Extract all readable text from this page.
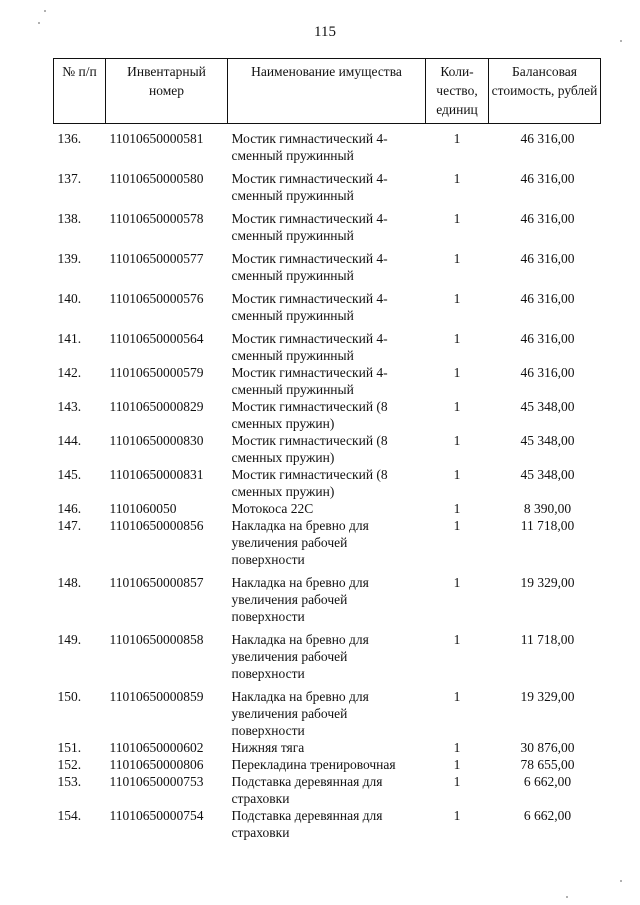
115
№ п/п	Инвентарный номер	Наименование имущества	Коли-чество, единиц	Балансовая стоимость, рублей
136.	11010650000581	Мостик гимнастический 4-сменный пружинный	1	46 316,00
137.	11010650000580	Мостик гимнастический 4-сменный пружинный	1	46 316,00
138.	11010650000578	Мостик гимнастический 4-сменный пружинный	1	46 316,00
139.	11010650000577	Мостик гимнастический 4-сменный пружинный	1	46 316,00
140.	11010650000576	Мостик гимнастический 4-сменный пружинный	1	46 316,00
141.	11010650000564	Мостик гимнастический 4-сменный пружинный	1	46 316,00
142.	11010650000579	Мостик гимнастический 4-сменный пружинный	1	46 316,00
143.	11010650000829	Мостик гимнастический (8 сменных пружин)	1	45 348,00
144.	11010650000830	Мостик гимнастический (8 сменных пружин)	1	45 348,00
145.	11010650000831	Мостик гимнастический (8 сменных пружин)	1	45 348,00
146.	1101060050	Мотокоса 22С	1	8 390,00
147.	11010650000856	Накладка на бревно для увеличения рабочей поверхности	1	11 718,00
148.	11010650000857	Накладка на бревно для увеличения рабочей поверхности	1	19 329,00
149.	11010650000858	Накладка на бревно для увеличения рабочей поверхности	1	11 718,00
150.	11010650000859	Накладка на бревно для увеличения рабочей поверхности	1	19 329,00
151.	11010650000602	Нижняя тяга	1	30 876,00
152.	11010650000806	Перекладина тренировочная	1	78 655,00
153.	11010650000753	Подставка деревянная для страховки	1	6 662,00
154.	11010650000754	Подставка деревянная для страховки	1	6 662,00
